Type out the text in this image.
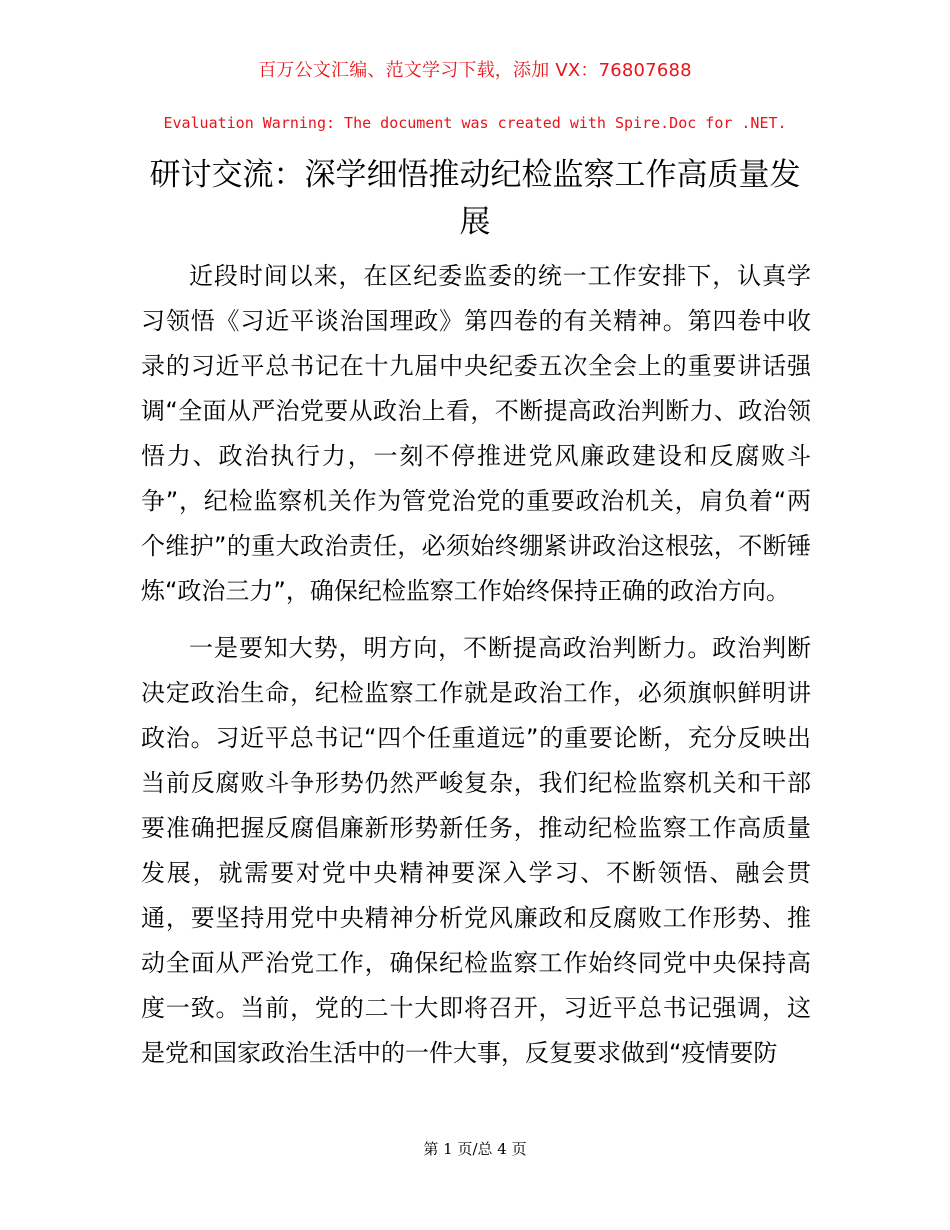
百万公文汇编、范文学习下载，添加 VX：76807688
Evaluation Warning: The document was created with Spire.Doc for .NET.
研讨交流：深学细悟推动纪检监察工作高质量发展

近段时间以来，在区纪委监委的统一工作安排下，认真学习领悟《习近平谈治国理政》第四卷的有关精神。第四卷中收录的习近平总书记在十九届中央纪委五次全会上的重要讲话强调“全面从严治党要从政治上看，不断提高政治判断力、政治领悟力、政治执行力，一刻不停推进党风廉政建设和反腐败斗争”，纪检监察机关作为管党治党的重要政治机关，肩负着“两个维护”的重大政治责任，必须始终绷紧讲政治这根弦，不断锤炼“政治三力”，确保纪检监察工作始终保持正确的政治方向。

一是要知大势，明方向，不断提高政治判断力。政治判断决定政治生命，纪检监察工作就是政治工作，必须旗帜鲜明讲政治。习近平总书记“四个任重道远”的重要论断，充分反映出当前反腐败斗争形势仍然严峻复杂，我们纪检监察机关和干部要准确把握反腐倡廉新形势新任务，推动纪检监察工作高质量发展，就需要对党中央精神要深入学习、不断领悟、融会贯通，要坚持用党中央精神分析党风廉政和反腐败工作形势、推动全面从严治党工作，确保纪检监察工作始终同党中央保持高度一致。当前，党的二十大即将召开，习近平总书记强调，这是党和国家政治生活中的一件大事，反复要求做到“疫情要防

第 1 页/总 4 页
